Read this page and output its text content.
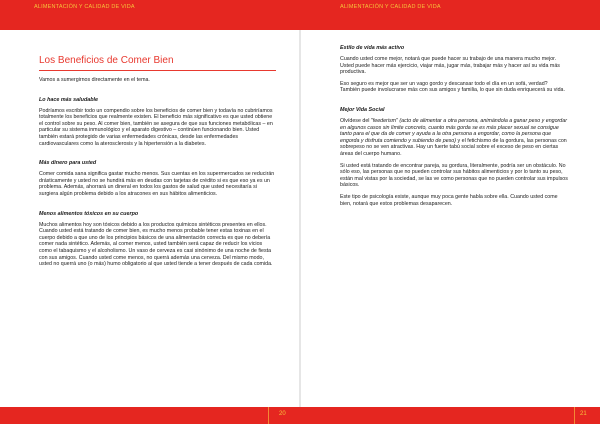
ALIMENTACIÓN Y CALIDAD DE VIDA	ALIMENTACIÓN Y CALIDAD DE VIDA
Los Beneficios de Comer Bien

Vamos a sumergirnos directamente en el tema.

Lo hace más saludable

Podríamos escribir todo un compendio sobre los beneficios de comer bien y todavía no cubriríamos totalmente los beneficios que realmente existen. El beneficio más significativo es que usted obtiene el control sobre su peso. Al comer bien, también se asegura de que sus funciones metabólicas – en particular su sistema inmunológico y el aparato digestivo – continúen funcionando bien. Usted también estará protegido de varias enfermedades crónicas, desde las enfermedades cardiovasculares como la aterosclerosis y la hipertensión a la diabetes.

Más dinero para usted

Comer comida sana significa gastar mucho menos. Sus cuentas en los supermercados se reducirán drásticamente y usted no se hundirá más en deudas con tarjetas de crédito si es que eso ya es un problema. Además, ahorrará un dineral en todos los gastos de salud que usted necesitaría si surgiera algún problema debido a los atracones en sus hábitos alimenticios.

Menos alimentos tóxicos en su cuerpo

Muchos alimentos hoy son tóxicos debido a los productos químicos sintéticos presentes en ellos. Cuando usted está tratando de comer bien, es mucho menos probable tener estas toxinas en el cuerpo debido a que uno de los principios básicos de una alimentación correcta es que no debería comer nada sintético. Además, al comer menos, usted también será capaz de reducir los vicios como el tabaquismo y el alcoholismo. Un vaso de cerveza es casi sinónimo de una noche de fiesta con sus amigos. Cuando usted come menos, no querrá además una cerveza. Del mismo modo, usted no querrá uno (o más) humo obligatorio al que usted tiende a tener después de cada comida.

Estilo de vida más activo

Cuando usted come mejor, notará que puede hacer su trabajo de una manera mucho mejor. Usted puede hacer más ejercicio, viajar más, jugar más, trabajar más y hacer así su vida más productiva.

Eso seguro es mejor que ser un vago gordo y descansar todo el día en un sofá, verdad? También puede involucrarse más con sus amigos y familia, lo que sin duda enriquecerá su vida.

Mejor Vida Social

Olvídese del "feederism" (acto de alimentar a otra persona, animándola a ganar peso y engordar en algunos casos sin límite concreto, cuanto más gorda se es más placer sexual se consigue tanto para el que da de comer y ayuda a la otra persona a engordar, como la persona que engorda y disfruta comiendo y subiendo de peso) y el fetichismo de la gordura, las personas con sobrepeso no se ven atractivas. Hay un fuerte tabú social sobre el exceso de peso en ciertas áreas del cuerpo humano.

Si usted está tratando de encontrar pareja, su gordura, literalmente, podría ser un obstáculo. No sólo eso, las personas que no pueden controlar sus hábitos alimenticios y por lo tanto su peso, están mal vistas por la sociedad, se las ve como personas que no pueden controlar sus impulsos básicos.

Este tipo de psicología existe, aunque muy poca gente habla sobre ella. Cuando usted come bien, notará que estos problemas desaparecen.

20	21
